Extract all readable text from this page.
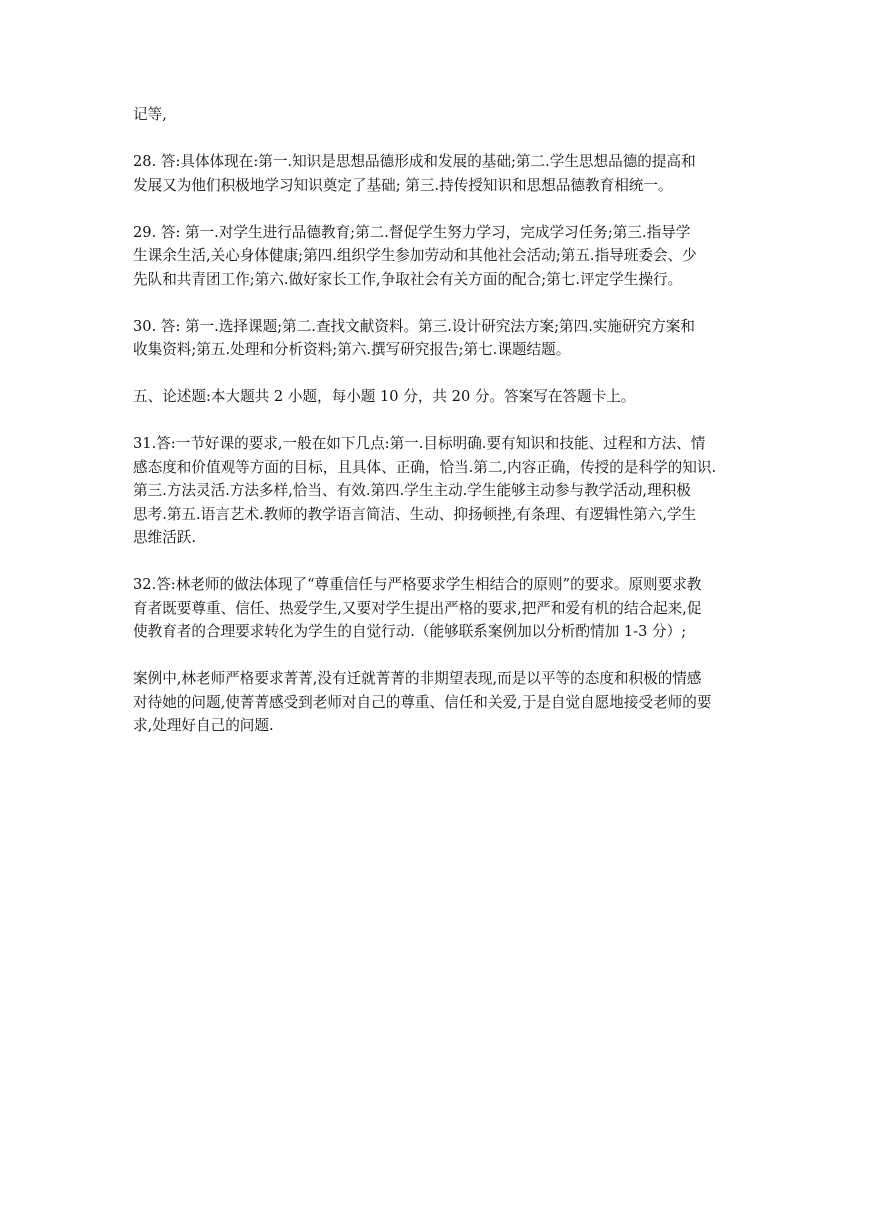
记等,

28. 答:具体体现在:第一.知识是思想品德形成和发展的基础;第二.学生思想品德的提高和
发展又为他们积极地学习知识奠定了基础; 第三.持传授知识和思想品德教育相统一。

29. 答: 第一.对学生进行品德教育;第二.督促学生努力学习，完成学习任务;第三.指导学
生课余生活,关心身体健康;第四.组织学生参加劳动和其他社会活动;第五.指导班委会、少
先队和共青团工作;第六.做好家长工作,争取社会有关方面的配合;第七.评定学生操行。

30. 答: 第一.选择课题;第二.查找文献资料。第三.设计研究法方案;第四.实施研究方案和
收集资料;第五.处理和分析资料;第六.撰写研究报告;第七.课题结题。

五、论述题:本大题共 2 小题，每小题 10 分，共 20 分。答案写在答题卡上。

31.答:一节好课的要求,一般在如下几点:第一.目标明确.要有知识和技能、过程和方法、情
感态度和价值观等方面的目标，且具体、正确，恰当.第二,内容正确，传授的是科学的知识.
第三.方法灵活.方法多样,恰当、有效.第四.学生主动.学生能够主动参与教学活动,理积极
思考.第五.语言艺术.教师的教学语言简洁、生动、抑扬顿挫,有条理、有逻辑性第六,学生
思维活跃.

32.答:林老师的做法体现了“尊重信任与严格要求学生相结合的原则”的要求。原则要求教
育者既要尊重、信任、热爱学生,又要对学生提出严格的要求,把严和爱有机的结合起来,促
使教育者的合理要求转化为学生的自觉行动.（能够联系案例加以分析酌情加 1-3 分）;

案例中,林老师严格要求菁菁,没有迁就菁菁的非期望表现,而是以平等的态度和积极的情感
对待她的问题,使菁菁感受到老师对自己的尊重、信任和关爱,于是自觉自愿地接受老师的要
求,处理好自己的问题.
